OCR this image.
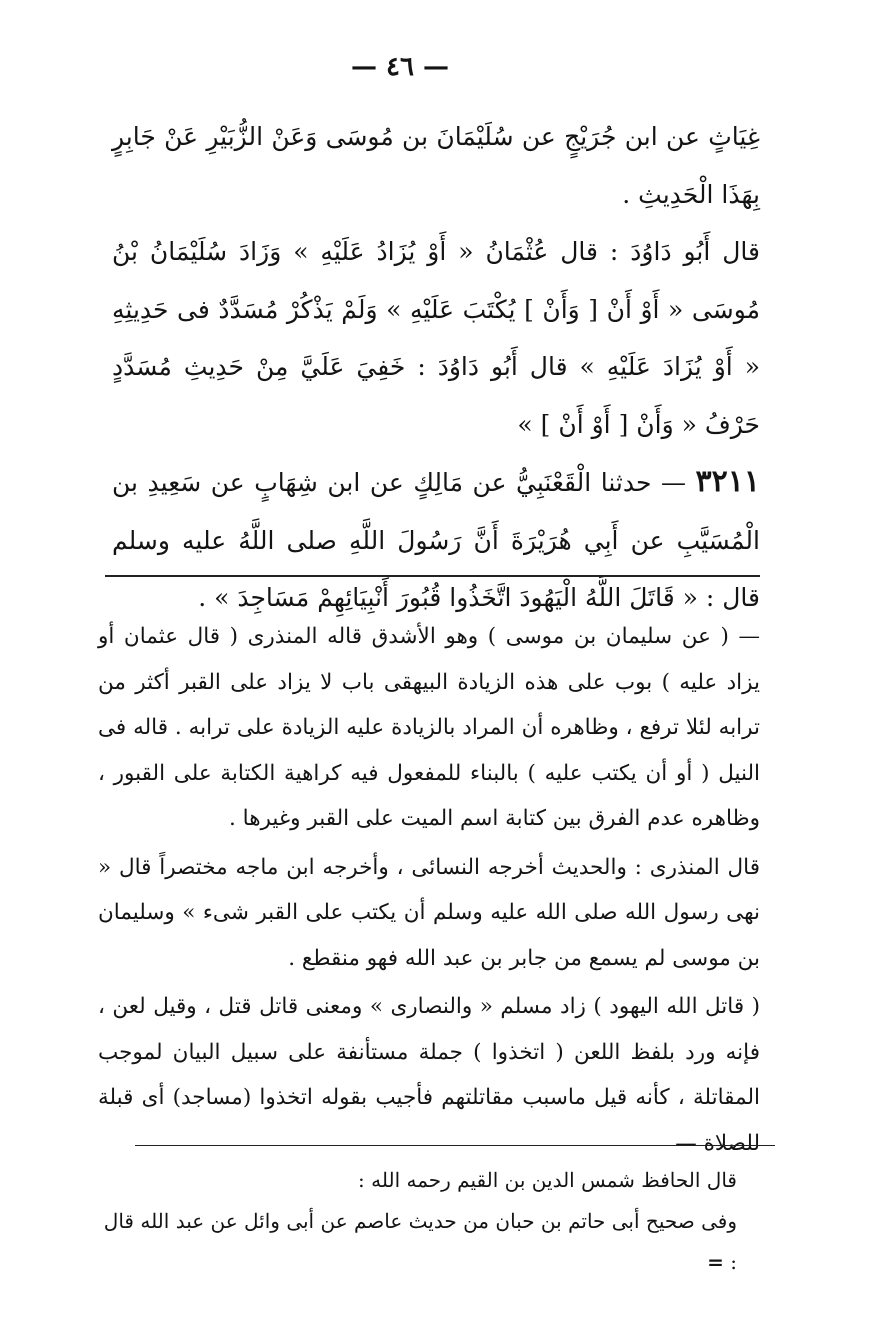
— ٤٦ —

غِيَاثٍ عن ابن جُرَيْجٍ عن سُلَيْمَانَ بن مُوسَى وَعَنْ الزُّبَيْرِ عَنْ جَابِرٍ بِهَذَا الْحَدِيثِ .

قال أَبُو دَاوُدَ : قال عُثْمَانُ « أَوْ يُزَادُ عَلَيْهِ » وَزَادَ سُلَيْمَانُ بْنُ مُوسَى « أَوْ أَنْ [ وَأَنْ ] يُكْتَبَ عَلَيْهِ » وَلَمْ يَذْكُرْ مُسَدَّدٌ فى حَدِيثِهِ « أَوْ يُزَادَ عَلَيْهِ » قال أَبُو دَاوُدَ : خَفِيَ عَلَيَّ مِنْ حَدِيثِ مُسَدَّدٍ حَرْفُ « وَأَنْ [ أَوْ أَنْ ] »

٣٢١١ — حدثنا الْقَعْنَبِيُّ عن مَالِكٍ عن ابن شِهَابٍ عن سَعِيدِ بن الْمُسَيَّبِ عن أَبِي هُرَيْرَةَ أَنَّ رَسُولَ اللَّهِ صلى اللَّهُ عليه وسلم قال : « قَاتَلَ اللَّهُ الْيَهُودَ اتَّخَذُوا قُبُورَ أَنْبِيَائِهِمْ مَسَاجِدَ » .

— ( عن سليمان بن موسى ) وهو الأشدق قاله المنذرى ( قال عثمان أو يزاد عليه ) بوب على هذه الزيادة البيهقى باب لا يزاد على القبر أكثر من ترابه لئلا ترفع ، وظاهره أن المراد بالزيادة عليه الزيادة على ترابه . قاله فى النيل ( أو أن يكتب عليه ) بالبناء للمفعول فيه كراهية الكتابة على القبور ، وظاهره عدم الفرق بين كتابة اسم الميت على القبر وغيرها .

قال المنذرى : والحديث أخرجه النسائى ، وأخرجه ابن ماجه مختصراً قال « نهى رسول الله صلى الله عليه وسلم أن يكتب على القبر شىء » وسليمان بن موسى لم يسمع من جابر بن عبد الله فهو منقطع .

( قاتل الله اليهود ) زاد مسلم « والنصارى » ومعنى قاتل قتل ، وقيل لعن ، فإنه ورد بلفظ اللعن ( اتخذوا ) جملة مستأنفة على سبيل البيان لموجب المقاتلة ، كأنه قيل ماسبب مقاتلتهم فأجيب بقوله اتخذوا (مساجد) أى قبلة للصلاة —

قال الحافظ شمس الدين بن القيم رحمه الله :

وفى صحيح أبى حاتم بن حبان من حديث عاصم عن أبى وائل عن عبد الله قال : =
